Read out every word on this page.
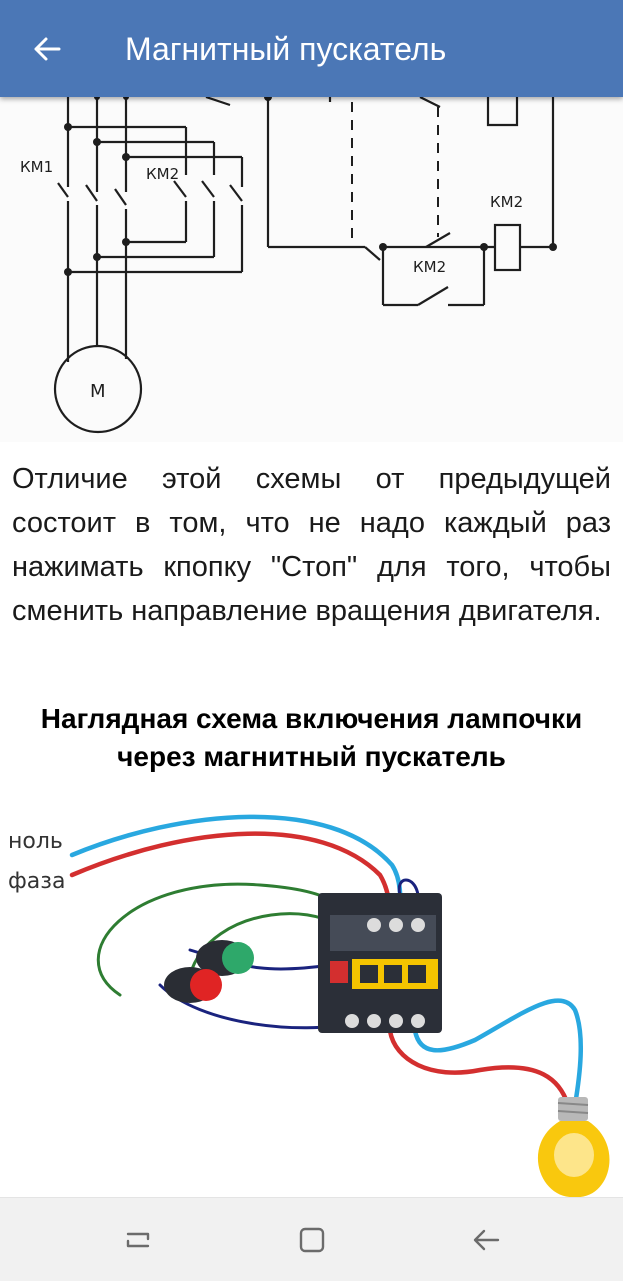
Магнитный пускатель
КМ1	КМ2
КМ2
КМ2
М
Отличие этой схемы от предыдущей состоит в том, что не надо каждый раз нажимать кпопку "Стоп" для того, чтобы сменить направление вращения двигателя.
Наглядная схема включения лампочки через магнитный пускатель
ноль
фаза
